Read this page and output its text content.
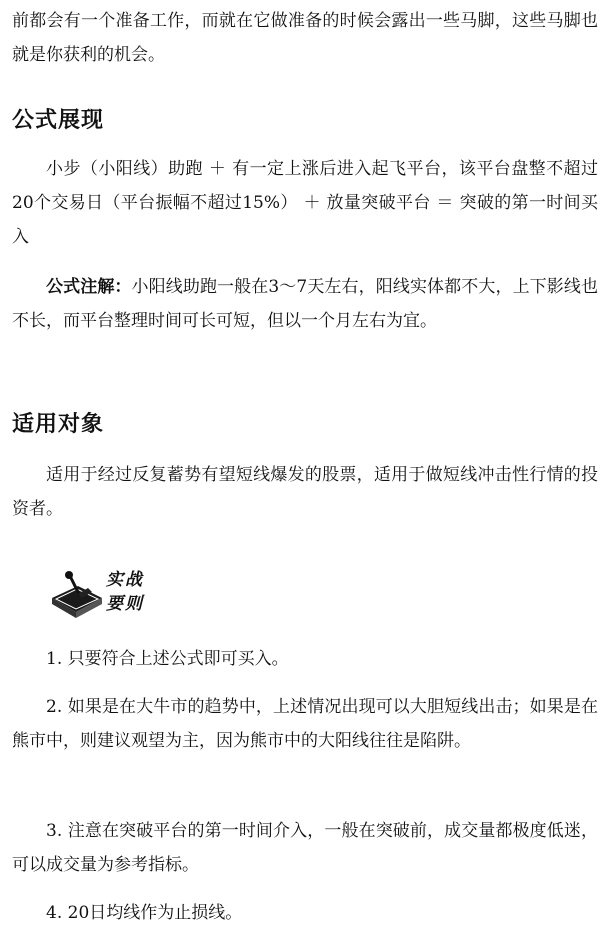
前都会有一个准备工作，而就在它做准备的时候会露出一些马脚，这些马脚也就是你获利的机会。

公式展现

小步（小阳线）助跑 ＋ 有一定上涨后进入起飞平台，该平台盘整不超过20个交易日（平台振幅不超过15%） ＋ 放量突破平台 ＝ 突破的第一时间买入

公式注解：小阳线助跑一般在3～7天左右，阳线实体都不大，上下影线也不长，而平台整理时间可长可短，但以一个月左右为宜。

适用对象

适用于经过反复蓄势有望短线爆发的股票，适用于做短线冲击性行情的投资者。

实战
要则

1. 只要符合上述公式即可买入。

2. 如果是在大牛市的趋势中，上述情况出现可以大胆短线出击；如果是在熊市中，则建议观望为主，因为熊市中的大阳线往往是陷阱。

3. 注意在突破平台的第一时间介入，一般在突破前，成交量都极度低迷，可以成交量为参考指标。

4. 20日均线作为止损线。
